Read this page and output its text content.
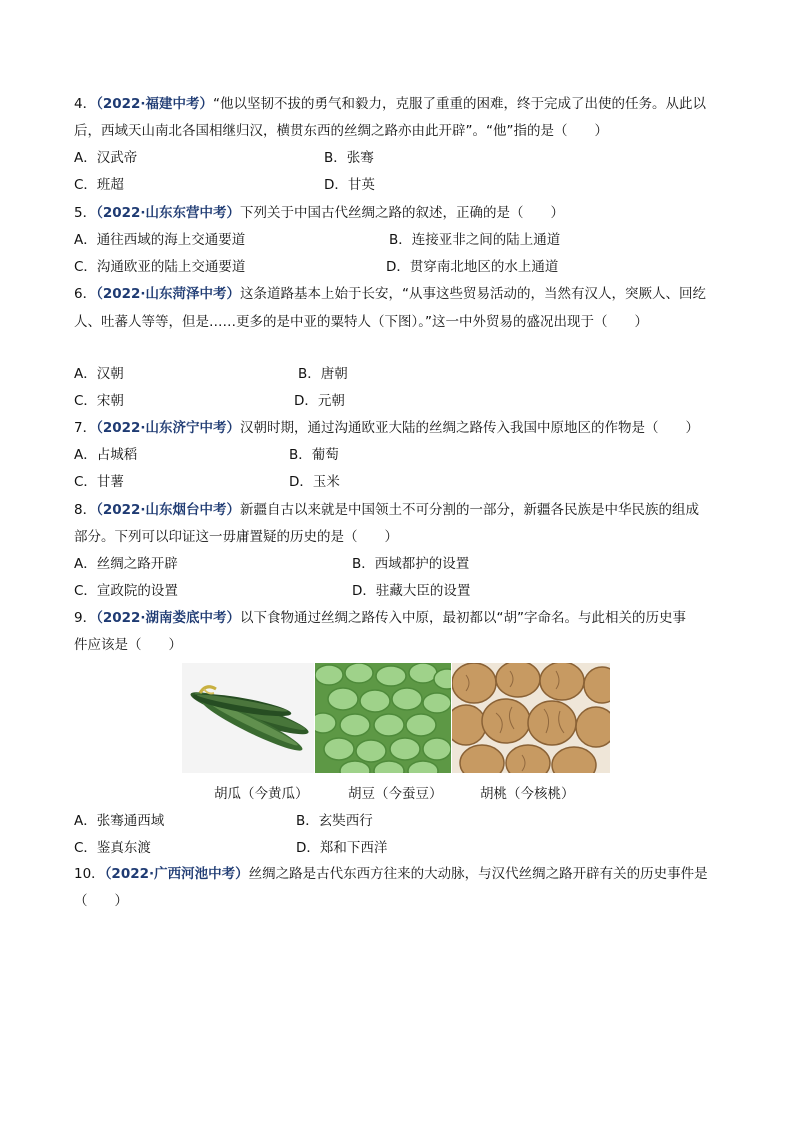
4．（2022·福建中考）“他以坚韧不拔的勇气和毅力，克服了重重的困难，终于完成了出使的任务。从此以
后，西域天山南北各国相继归汉，横贯东西的丝绸之路亦由此开辟”。“他”指的是（　　）
A．汉武帝	B．张骞
C．班超	D．甘英
5．（2022·山东东营中考）下列关于中国古代丝绸之路的叙述，正确的是（　　）
A．通往西域的海上交通要道	B．连接亚非之间的陆上通道
C．沟通欧亚的陆上交通要道	D．贯穿南北地区的水上通道
6．（2022·山东菏泽中考）这条道路基本上始于长安，“从事这些贸易活动的，当然有汉人，突厥人、回纥
人、吐蕃人等等，但是……更多的是中亚的粟特人（下图）。”这一中外贸易的盛况出现于（　　）
A．汉朝	B．唐朝
C．宋朝	D．元朝
7．（2022·山东济宁中考）汉朝时期，通过沟通欧亚大陆的丝绸之路传入我国中原地区的作物是（　　）
A．占城稻	B．葡萄
C．甘薯	D．玉米
8．（2022·山东烟台中考）新疆自古以来就是中国领土不可分割的一部分，新疆各民族是中华民族的组成
部分。下列可以印证这一毋庸置疑的历史的是（　　）
A．丝绸之路开辟	B．西域都护的设置
C．宣政院的设置	D．驻藏大臣的设置
9．（2022·湖南娄底中考）以下食物通过丝绸之路传入中原，最初都以“胡”字命名。与此相关的历史事
件应该是（　　）
胡瓜（今黄瓜）	胡豆（今蚕豆）	胡桃（今核桃）
A．张骞通西域	B．玄奘西行
C．鉴真东渡	D．郑和下西洋
10．（2022·广西河池中考）丝绸之路是古代东西方往来的大动脉，与汉代丝绸之路开辟有关的历史事件是
（　　）
